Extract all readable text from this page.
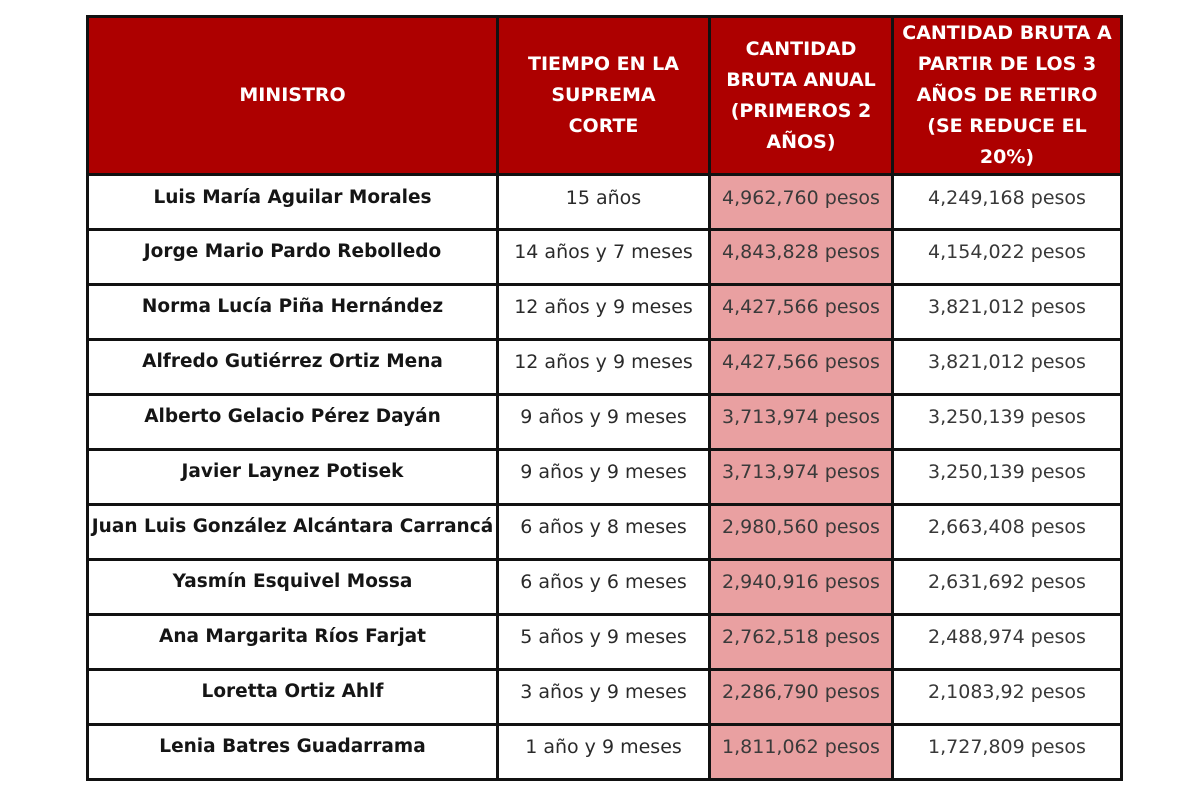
MINISTRO	TIEMPO EN LA SUPREMA CORTE	CANTIDAD BRUTA ANUAL (PRIMEROS 2 AÑOS)	CANTIDAD BRUTA A PARTIR DE LOS 3 AÑOS DE RETIRO (SE REDUCE EL 20%)
Luis María Aguilar Morales	15 años	4,962,760 pesos	4,249,168 pesos
Jorge Mario Pardo Rebolledo	14 años y 7 meses	4,843,828 pesos	4,154,022 pesos
Norma Lucía Piña Hernández	12 años y 9 meses	4,427,566 pesos	3,821,012 pesos
Alfredo Gutiérrez Ortiz Mena	12 años y 9 meses	4,427,566 pesos	3,821,012 pesos
Alberto Gelacio Pérez Dayán	9 años y 9 meses	3,713,974 pesos	3,250,139 pesos
Javier Laynez Potisek	9 años y 9 meses	3,713,974 pesos	3,250,139 pesos
Juan Luis González Alcántara Carrancá	6 años y 8 meses	2,980,560 pesos	2,663,408 pesos
Yasmín Esquivel Mossa	6 años y 6 meses	2,940,916 pesos	2,631,692 pesos
Ana Margarita Ríos Farjat	5 años y 9 meses	2,762,518 pesos	2,488,974 pesos
Loretta Ortiz Ahlf	3 años y 9 meses	2,286,790 pesos	2,1083,92 pesos
Lenia Batres Guadarrama	1 año y 9 meses	1,811,062 pesos	1,727,809 pesos
